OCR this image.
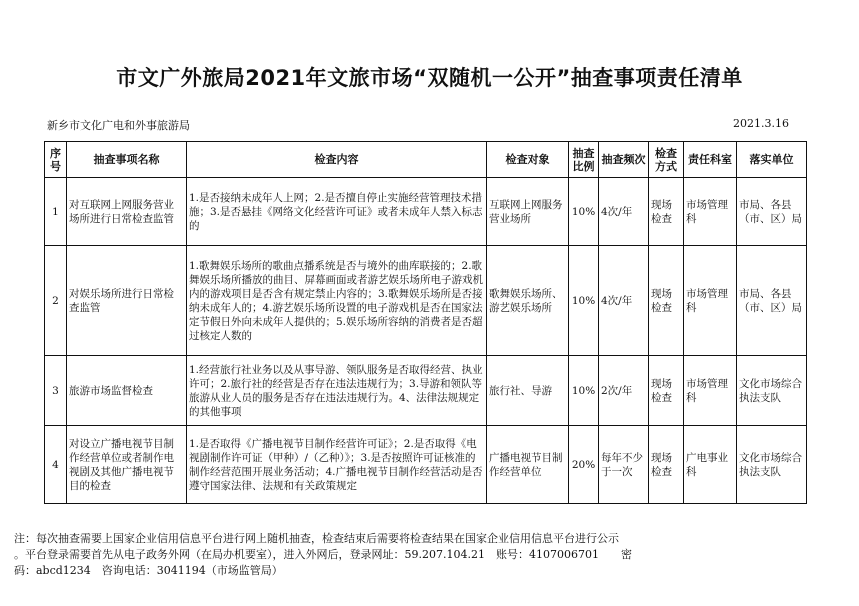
市文广外旅局2021年文旅市场“双随机一公开”抽查事项责任清单
新乡市文化广电和外事旅游局	2021.3.16
序号	抽查事项名称	检查内容	检查对象	抽查比例	抽查频次	检查方式	责任科室	落实单位
1	对互联网上网服务营业场所进行日常检查监管	1.是否接纳未成年人上网；2.是否擅自停止实施经营管理技术措施；3.是否悬挂《网络文化经营许可证》或者未成年人禁入标志的	互联网上网服务营业场所	10%	4次/年	现场检查	市场管理科	市局、各县（市、区）局
2	对娱乐场所进行日常检查监管	1.歌舞娱乐场所的歌曲点播系统是否与境外的曲库联接的；2.歌舞娱乐场所播放的曲目、屏幕画面或者游艺娱乐场所电子游戏机内的游戏项目是否含有规定禁止内容的；3.歌舞娱乐场所是否接纳未成年人的；4.游艺娱乐场所设置的电子游戏机是否在国家法定节假日外向未成年人提供的；5.娱乐场所容纳的消费者是否超过核定人数的	歌舞娱乐场所、游艺娱乐场所	10%	4次/年	现场检查	市场管理科	市局、各县（市、区）局
3	旅游市场监督检查	1.经营旅行社业务以及从事导游、领队服务是否取得经营、执业许可；2.旅行社的经营是否存在违法违规行为；3.导游和领队等旅游从业人员的服务是否存在违法违规行为。4、法律法规规定的其他事项	旅行社、导游	10%	2次/年	现场检查	市场管理科	文化市场综合执法支队
4	对设立广播电视节目制作经营单位或者制作电视剧及其他广播电视节目的检查	1.是否取得《广播电视节目制作经营许可证》；2.是否取得《电视剧制作许可证（甲种）/（乙种）》；3.是否按照许可证核准的制作经营范围开展业务活动；4.广播电视节目制作经营活动是否遵守国家法律、法规和有关政策规定	广播电视节目制作经营单位	20%	每年不少于一次	现场检查	广电事业科	文化市场综合执法支队
注：每次抽查需要上国家企业信用信息平台进行网上随机抽查，检查结束后需要将检查结果在国家企业信用信息平台进行公示
。平台登录需要首先从电子政务外网（在局办机要室），进入外网后，登录网址：59.207.104.21　账号：4107006701　　密
码：abcd1234　咨询电话：3041194（市场监管局）
